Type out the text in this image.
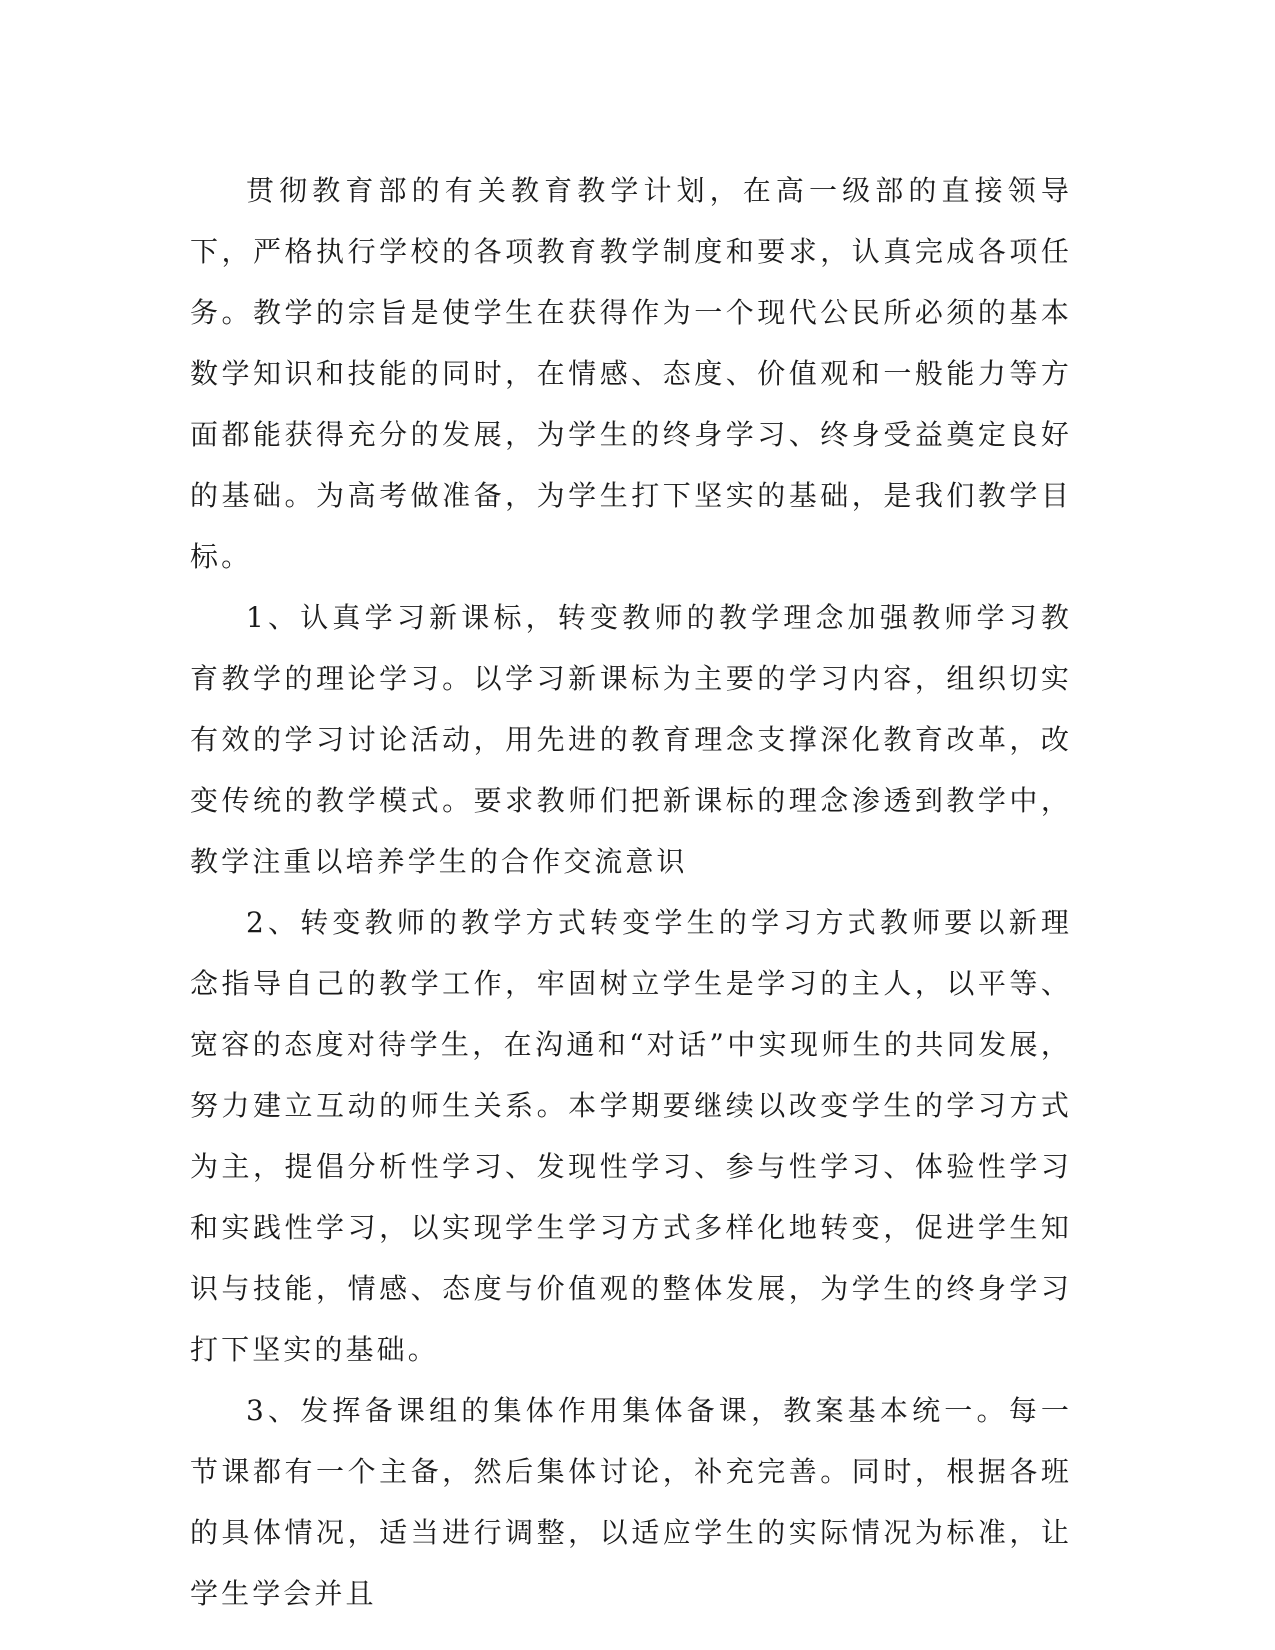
贯彻教育部的有关教育教学计划，在高一级部的直接领导下，严格执行学校的各项教育教学制度和要求，认真完成各项任务。教学的宗旨是使学生在获得作为一个现代公民所必须的基本数学知识和技能的同时，在情感、态度、价值观和一般能力等方面都能获得充分的发展，为学生的终身学习、终身受益奠定良好的基础。为高考做准备，为学生打下坚实的基础，是我们教学目标。

1、认真学习新课标，转变教师的教学理念加强教师学习教育教学的理论学习。以学习新课标为主要的学习内容，组织切实有效的学习讨论活动，用先进的教育理念支撑深化教育改革，改变传统的教学模式。要求教师们把新课标的理念渗透到教学中，教学注重以培养学生的合作交流意识

2、转变教师的教学方式转变学生的学习方式教师要以新理念指导自己的教学工作，牢固树立学生是学习的主人，以平等、宽容的态度对待学生，在沟通和“对话”中实现师生的共同发展，努力建立互动的师生关系。本学期要继续以改变学生的学习方式为主，提倡分析性学习、发现性学习、参与性学习、体验性学习和实践性学习，以实现学生学习方式多样化地转变，促进学生知识与技能，情感、态度与价值观的整体发展，为学生的终身学习打下坚实的基础。

3、发挥备课组的集体作用集体备课，教案基本统一。每一节课都有一个主备，然后集体讨论，补充完善。同时，根据各班的具体情况，适当进行调整，以适应学生的实际情况为标准，让学生学会并且
